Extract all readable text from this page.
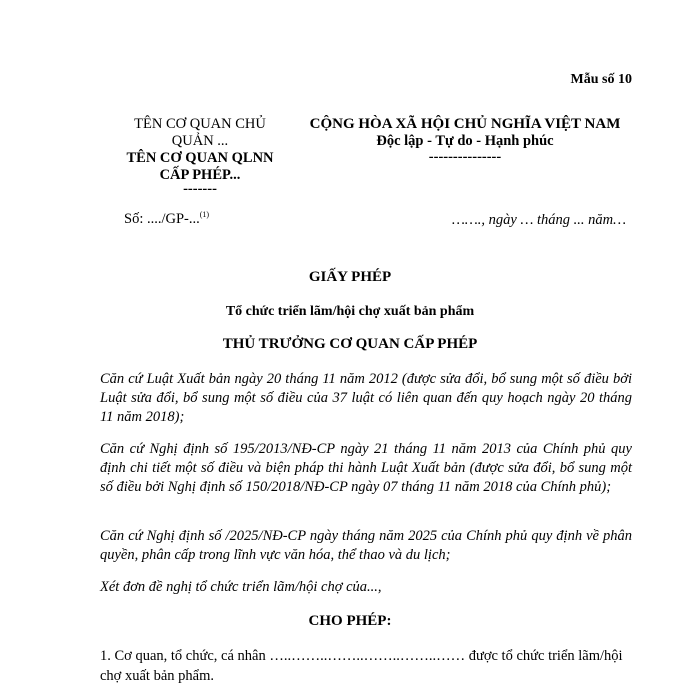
Mẫu số 10
TÊN CƠ QUAN CHỦ
QUẢN ...
TÊN CƠ QUAN QLNN
CẤP PHÉP...
-------
CỘNG HÒA XÃ HỘI CHỦ NGHĨA VIỆT NAM
Độc lập - Tự do - Hạnh phúc
---------------
Số: ..../GP-...$^{(1)}$	……., ngày … tháng ... năm…
GIẤY PHÉP
Tổ chức triển lãm/hội chợ xuất bản phẩm
THỦ TRƯỞNG CƠ QUAN CẤP PHÉP
Căn cứ Luật Xuất bản ngày 20 tháng 11 năm 2012 (được sửa đổi, bổ sung một số điều bởi Luật sửa đổi, bổ sung một số điều của 37 luật có liên quan đến quy hoạch ngày 20 tháng 11 năm 2018);
Căn cứ Nghị định số 195/2013/NĐ-CP ngày 21 tháng 11 năm 2013 của Chính phủ quy định chi tiết một số điều và biện pháp thi hành Luật Xuất bản (được sửa đổi, bổ sung một số điều bởi Nghị định số 150/2018/NĐ-CP ngày 07 tháng 11 năm 2018 của Chính phủ);
Căn cứ Nghị định số /2025/NĐ-CP ngày tháng năm 2025 của Chính phủ quy định về phân quyền, phân cấp trong lĩnh vực văn hóa, thể thao và du lịch;
Xét đơn đề nghị tổ chức triển lãm/hội chợ của...,
CHO PHÉP:
1. Cơ quan, tổ chức, cá nhân …..……..……..……..……..…… được tổ chức triển lãm/hội chợ xuất bản phẩm.
